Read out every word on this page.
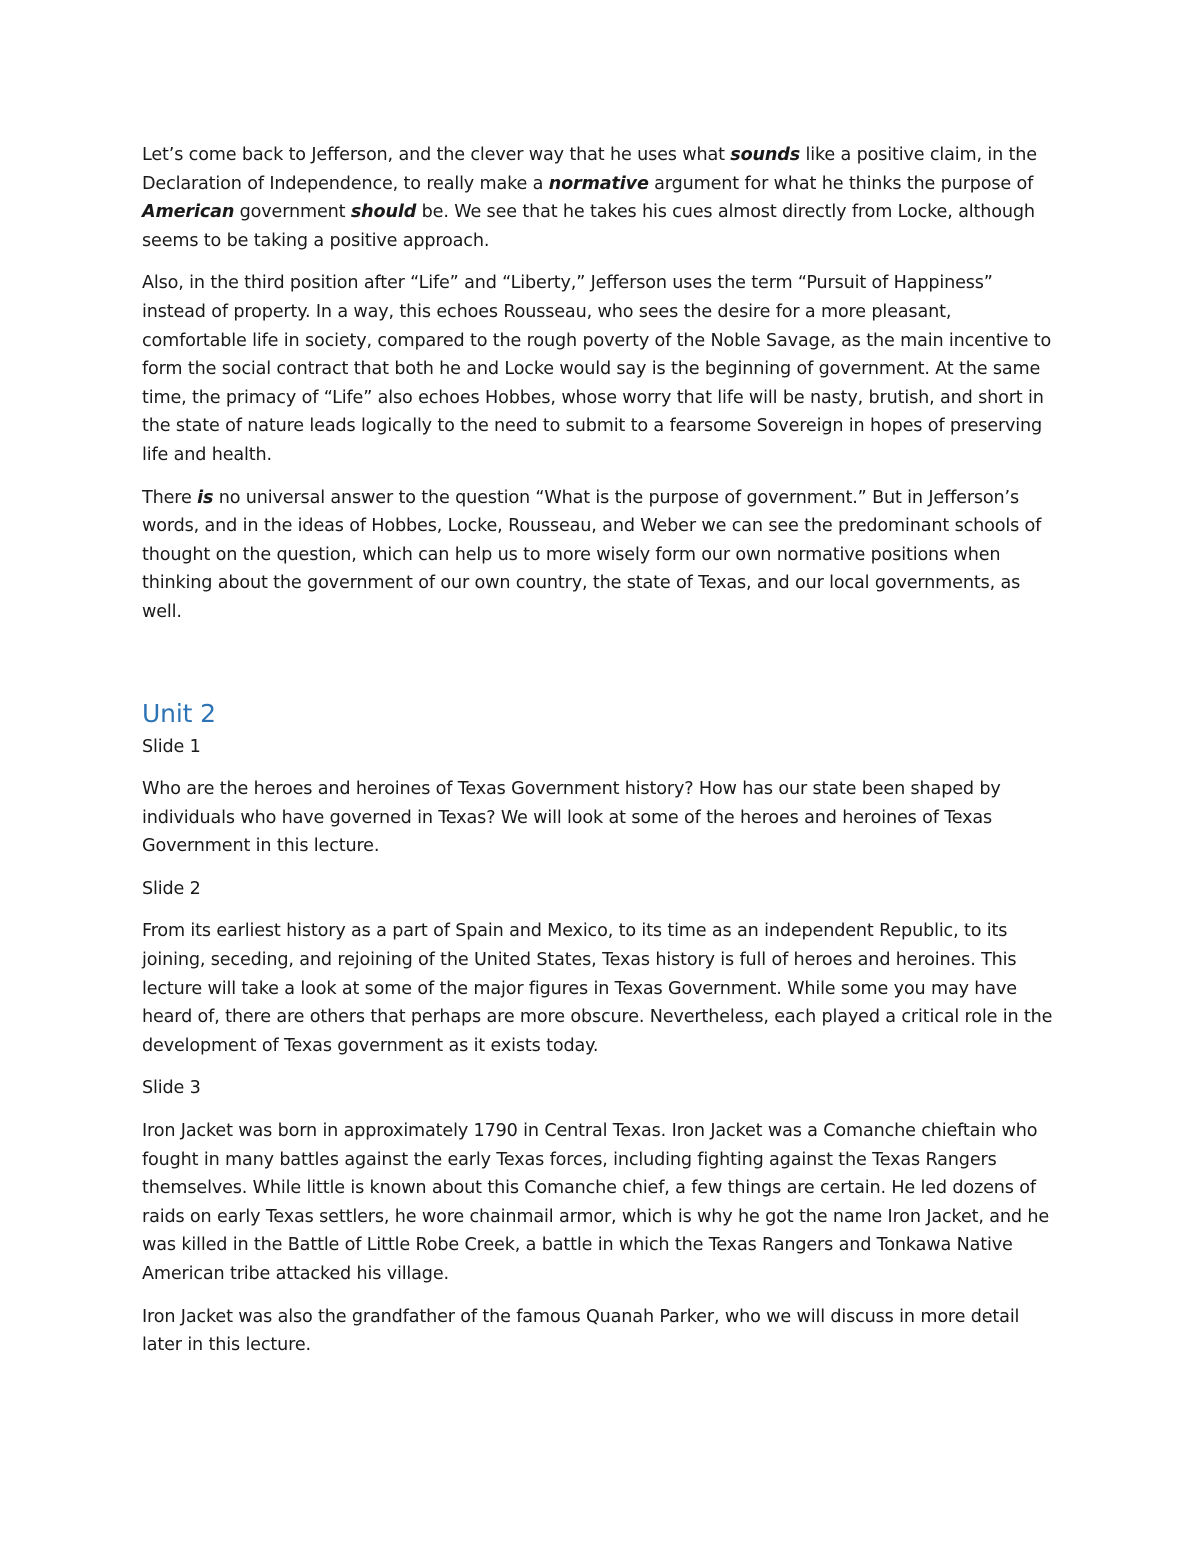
Let’s come back to Jefferson, and the clever way that he uses what sounds like a positive claim, in the Declaration of Independence, to really make a normative argument for what he thinks the purpose of American government should be. We see that he takes his cues almost directly from Locke, although seems to be taking a positive approach.

Also, in the third position after “Life” and “Liberty,” Jefferson uses the term “Pursuit of Happiness” instead of property. In a way, this echoes Rousseau, who sees the desire for a more pleasant, comfortable life in society, compared to the rough poverty of the Noble Savage, as the main incentive to form the social contract that both he and Locke would say is the beginning of government. At the same time, the primacy of “Life” also echoes Hobbes, whose worry that life will be nasty, brutish, and short in the state of nature leads logically to the need to submit to a fearsome Sovereign in hopes of preserving life and health.

There is no universal answer to the question “What is the purpose of government.” But in Jefferson’s words, and in the ideas of Hobbes, Locke, Rousseau, and Weber we can see the predominant schools of thought on the question, which can help us to more wisely form our own normative positions when thinking about the government of our own country, the state of Texas, and our local governments, as well.

Unit 2

Slide 1

Who are the heroes and heroines of Texas Government history? How has our state been shaped by individuals who have governed in Texas? We will look at some of the heroes and heroines of Texas Government in this lecture.

Slide 2

From its earliest history as a part of Spain and Mexico, to its time as an independent Republic, to its joining, seceding, and rejoining of the United States, Texas history is full of heroes and heroines. This lecture will take a look at some of the major figures in Texas Government. While some you may have heard of, there are others that perhaps are more obscure. Nevertheless, each played a critical role in the development of Texas government as it exists today.

Slide 3

Iron Jacket was born in approximately 1790 in Central Texas. Iron Jacket was a Comanche chieftain who fought in many battles against the early Texas forces, including fighting against the Texas Rangers themselves. While little is known about this Comanche chief, a few things are certain. He led dozens of raids on early Texas settlers, he wore chainmail armor, which is why he got the name Iron Jacket, and he was killed in the Battle of Little Robe Creek, a battle in which the Texas Rangers and Tonkawa Native American tribe attacked his village.

Iron Jacket was also the grandfather of the famous Quanah Parker, who we will discuss in more detail later in this lecture.
